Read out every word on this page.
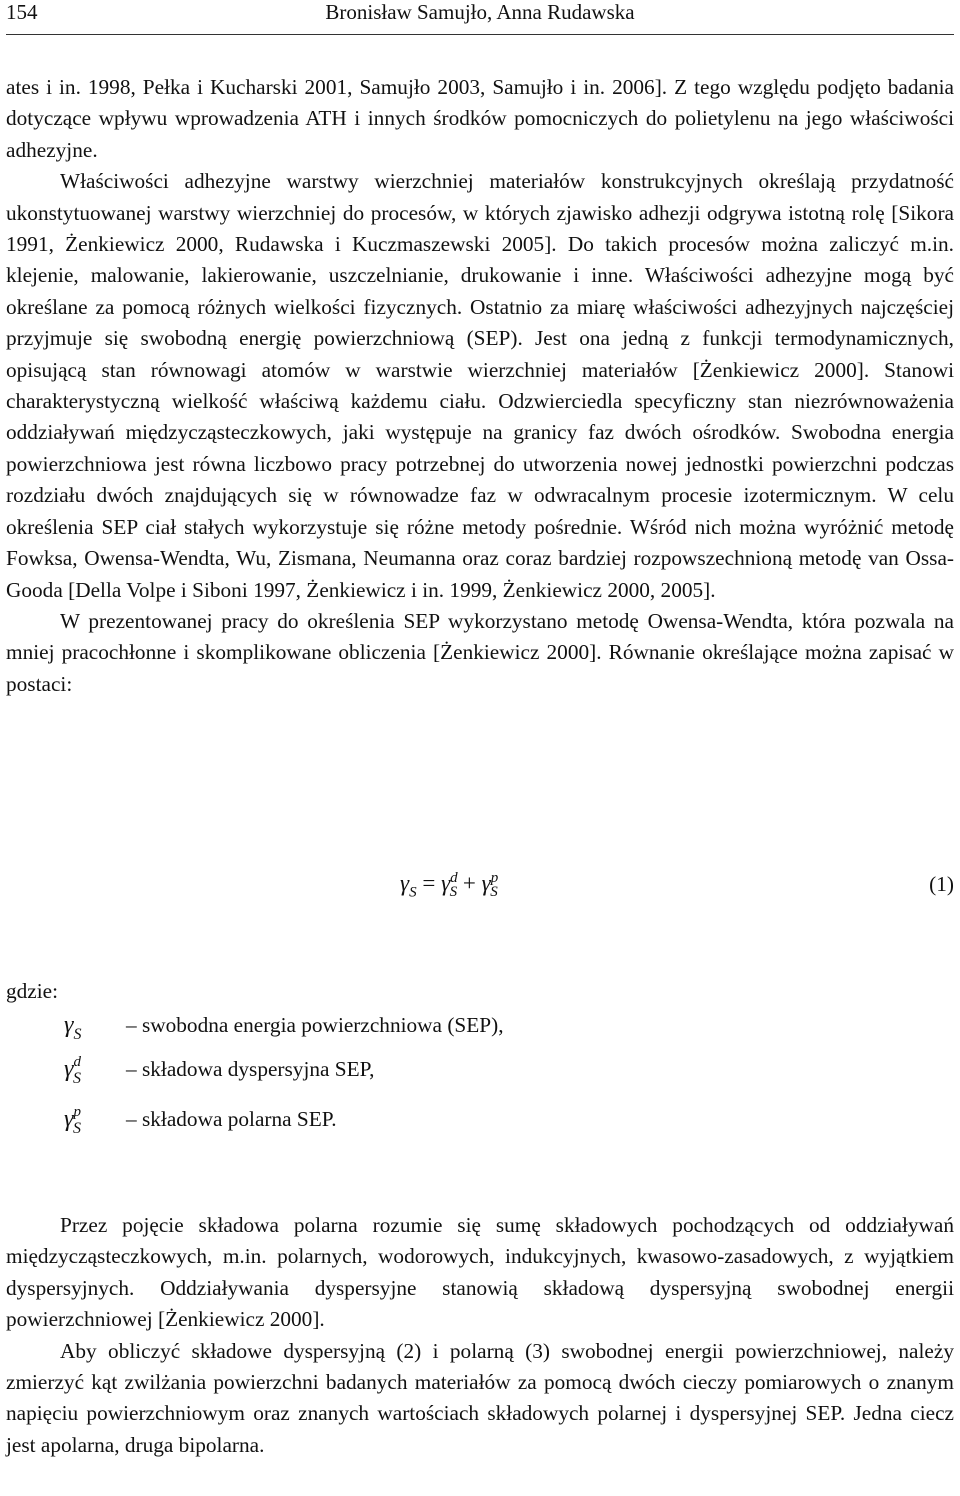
154	Bronisław Samujło, Anna Rudawska

ates i in. 1998, Pełka i Kucharski 2001, Samujło 2003, Samujło i in. 2006]. Z tego względu podjęto badania dotyczące wpływu wprowadzenia ATH i innych środków pomocniczych do polietylenu na jego właściwości adhezyjne.

Właściwości adhezyjne warstwy wierzchniej materiałów konstrukcyjnych określają przydatność ukonstytuowanej warstwy wierzchniej do procesów, w których zjawisko adhezji odgrywa istotną rolę [Sikora 1991, Żenkiewicz 2000, Rudawska i Kuczmaszewski 2005]. Do takich procesów można zaliczyć m.in. klejenie, malowanie, lakierowanie, uszczelnianie, drukowanie i inne. Właściwości adhezyjne mogą być określane za pomocą różnych wielkości fizycznych. Ostatnio za miarę właściwości adhezyjnych najczęściej przyjmuje się swobodną energię powierzchniową (SEP). Jest ona jedną z funkcji termodynamicznych, opisującą stan równowagi atomów w warstwie wierzchniej materiałów [Żenkiewicz 2000]. Stanowi charakterystyczną wielkość właściwą każdemu ciału. Odzwierciedla specyficzny stan niezrównoważenia oddziaływań międzycząsteczkowych, jaki występuje na granicy faz dwóch ośrodków. Swobodna energia powierzchniowa jest równa liczbowo pracy potrzebnej do utworzenia nowej jednostki powierzchni podczas rozdziału dwóch znajdujących się w równowadze faz w odwracalnym procesie izotermicznym. W celu określenia SEP ciał stałych wykorzystuje się różne metody pośrednie. Wśród nich można wyróżnić metodę Fowksa, Owensa-Wendta, Wu, Zismana, Neumanna oraz coraz bardziej rozpowszechnioną metodę van Ossa-Gooda [Della Volpe i Siboni 1997, Żenkiewicz i in. 1999, Żenkiewicz 2000, 2005].

W prezentowanej pracy do określenia SEP wykorzystano metodę Owensa-Wendta, która pozwala na mniej pracochłonne i skomplikowane obliczenia [Żenkiewicz 2000]. Równanie określające można zapisać w postaci:

$\gamma_S = \gamma^d_S + \gamma^p_S$	(1)
gdzie:
$\gamma_S$ – swobodna energia powierzchniowa (SEP),
$\gamma^d_S$ – składowa dyspersyjna SEP,
$\gamma^p_S$ – składowa polarna SEP.

Przez pojęcie składowa polarna rozumie się sumę składowych pochodzących od oddziaływań międzycząsteczkowych, m.in. polarnych, wodorowych, indukcyjnych, kwasowo-zasadowych, z wyjątkiem dyspersyjnych. Oddziaływania dyspersyjne stanowią składową dyspersyjną swobodnej energii powierzchniowej [Żenkiewicz 2000].

Aby obliczyć składowe dyspersyjną (2) i polarną (3) swobodnej energii powierzchniowej, należy zmierzyć kąt zwilżania powierzchni badanych materiałów za pomocą dwóch cieczy pomiarowych o znanym napięciu powierzchniowym oraz znanych wartościach składowych polarnej i dyspersyjnej SEP. Jedna ciecz jest apolarna, druga bipolarna.
